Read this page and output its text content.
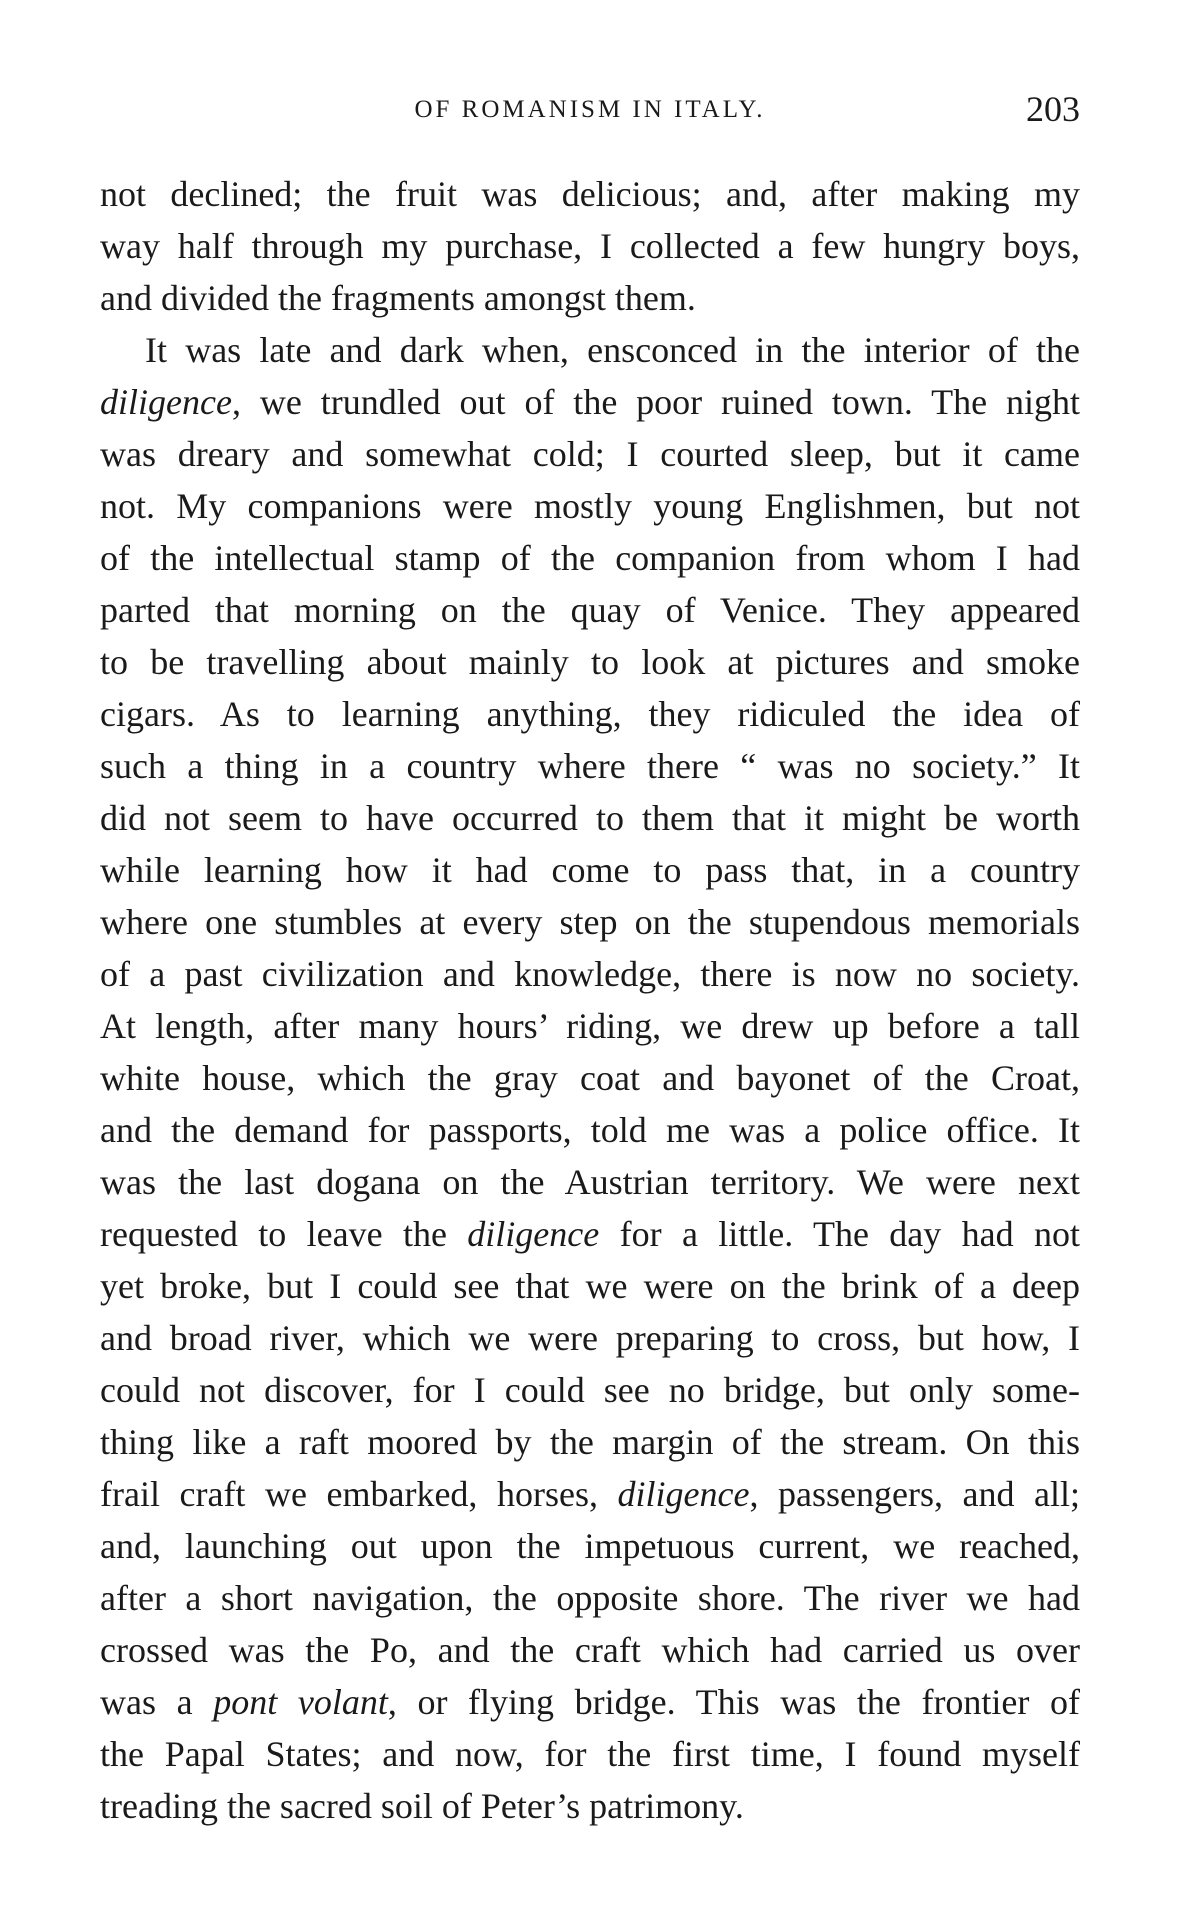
OF ROMANISM IN ITALY.	203
not declined; the fruit was delicious; and, after making my
way half through my purchase, I collected a few hungry boys,
and divided the fragments amongst them.
It was late and dark when, ensconced in the interior of the
diligence, we trundled out of the poor ruined town. The night
was dreary and somewhat cold; I courted sleep, but it came
not. My companions were mostly young Englishmen, but not
of the intellectual stamp of the companion from whom I had
parted that morning on the quay of Venice. They appeared
to be travelling about mainly to look at pictures and smoke
cigars. As to learning anything, they ridiculed the idea of
such a thing in a country where there “ was no society.” It
did not seem to have occurred to them that it might be worth
while learning how it had come to pass that, in a country
where one stumbles at every step on the stupendous memorials
of a past civilization and knowledge, there is now no society.
At length, after many hours’ riding, we drew up before a tall
white house, which the gray coat and bayonet of the Croat,
and the demand for passports, told me was a police office. It
was the last dogana on the Austrian territory. We were next
requested to leave the diligence for a little. The day had not
yet broke, but I could see that we were on the brink of a deep
and broad river, which we were preparing to cross, but how, I
could not discover, for I could see no bridge, but only some-
thing like a raft moored by the margin of the stream. On this
frail craft we embarked, horses, diligence, passengers, and all;
and, launching out upon the impetuous current, we reached,
after a short navigation, the opposite shore. The river we had
crossed was the Po, and the craft which had carried us over
was a pont volant, or flying bridge. This was the frontier of
the Papal States; and now, for the first time, I found myself
treading the sacred soil of Peter’s patrimony.
